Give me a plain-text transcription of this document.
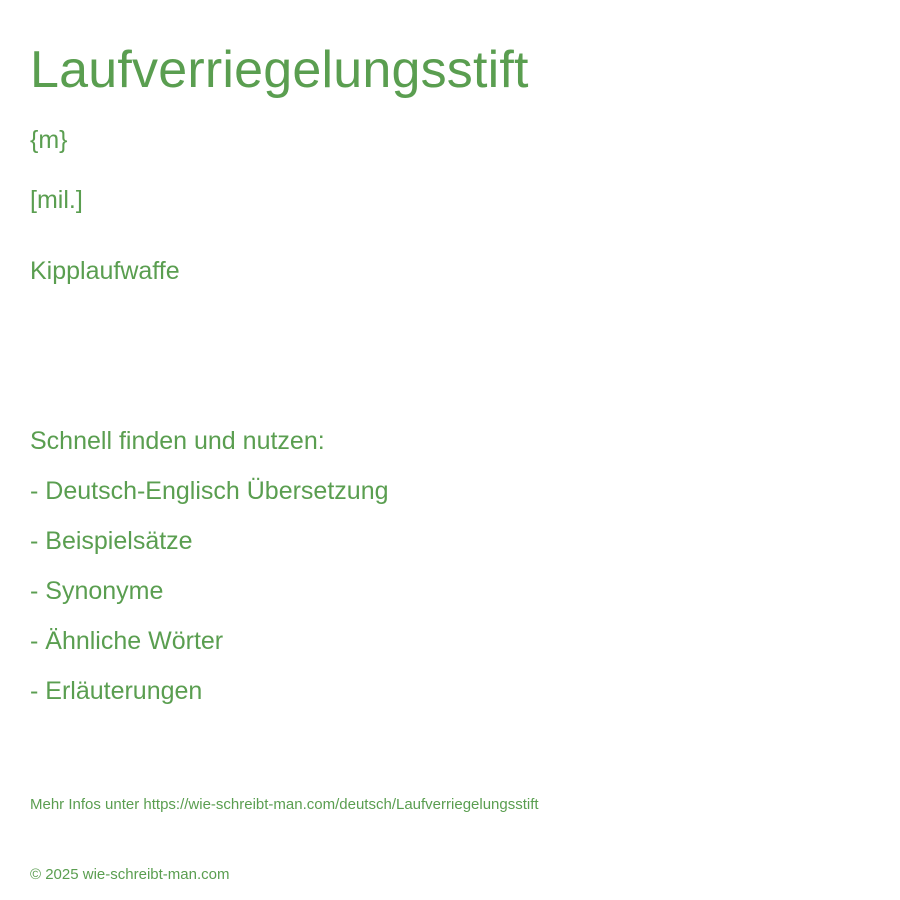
Laufverriegelungsstift
{m}
[mil.]
Kipplaufwaffe
Schnell finden und nutzen:
- Deutsch-Englisch Übersetzung
- Beispielsätze
- Synonyme
- Ähnliche Wörter
- Erläuterungen
Mehr Infos unter https://wie-schreibt-man.com/deutsch/Laufverriegelungsstift
© 2025 wie-schreibt-man.com
